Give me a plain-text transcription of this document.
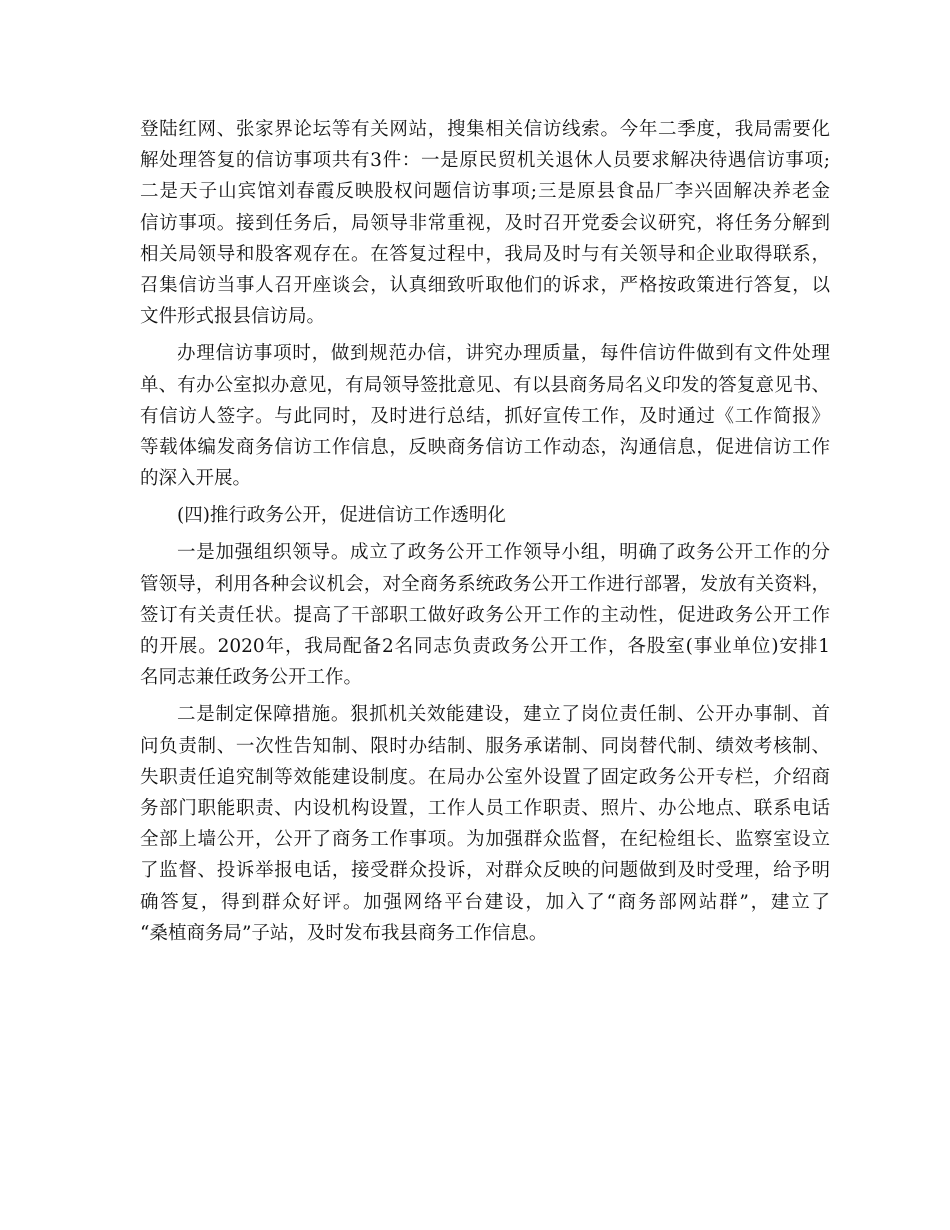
登陆红网、张家界论坛等有关网站，搜集相关信访线索。今年二季度，我局需要化
解处理答复的信访事项共有3件：一是原民贸机关退休人员要求解决待遇信访事项;
二是天子山宾馆刘春霞反映股权问题信访事项;三是原县食品厂李兴固解决养老金
信访事项。接到任务后，局领导非常重视，及时召开党委会议研究，将任务分解到
相关局领导和股客观存在。在答复过程中，我局及时与有关领导和企业取得联系，
召集信访当事人召开座谈会，认真细致听取他们的诉求，严格按政策进行答复，以
文件形式报县信访局。
办理信访事项时，做到规范办信，讲究办理质量，每件信访件做到有文件处理
单、有办公室拟办意见，有局领导签批意见、有以县商务局名义印发的答复意见书、
有信访人签字。与此同时，及时进行总结，抓好宣传工作，及时通过《工作简报》
等载体编发商务信访工作信息，反映商务信访工作动态，沟通信息，促进信访工作
的深入开展。
(四)推行政务公开，促进信访工作透明化
一是加强组织领导。成立了政务公开工作领导小组，明确了政务公开工作的分
管领导，利用各种会议机会，对全商务系统政务公开工作进行部署，发放有关资料，
签订有关责任状。提高了干部职工做好政务公开工作的主动性，促进政务公开工作
的开展。2020年，我局配备2名同志负责政务公开工作，各股室(事业单位)安排1
名同志兼任政务公开工作。
二是制定保障措施。狠抓机关效能建设，建立了岗位责任制、公开办事制、首
问负责制、一次性告知制、限时办结制、服务承诺制、同岗替代制、绩效考核制、
失职责任追究制等效能建设制度。在局办公室外设置了固定政务公开专栏，介绍商
务部门职能职责、内设机构设置，工作人员工作职责、照片、办公地点、联系电话
全部上墙公开，公开了商务工作事项。为加强群众监督，在纪检组长、监察室设立
了监督、投诉举报电话，接受群众投诉，对群众反映的问题做到及时受理，给予明
确答复，得到群众好评。加强网络平台建设，加入了“商务部网站群”，建立了
“桑植商务局”子站，及时发布我县商务工作信息。
